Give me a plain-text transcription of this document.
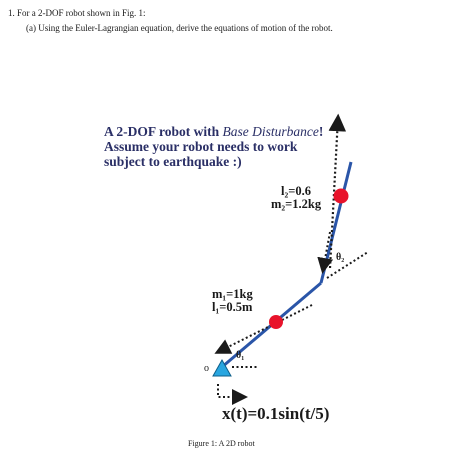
1. For a 2-DOF robot shown in Fig. 1:
(a) Using the Euler-Lagrangian equation, derive the equations of motion of the robot.
A 2-DOF robot with Base Disturbance!
Assume your robot needs to work
subject to earthquake :)
l₂=0.6
m₂=1.2kg
m₁=1kg
l₁=0.5m
θ₂
θ₁
o
x(t)=0.1sin(t/5)
Figure 1: A 2D robot
